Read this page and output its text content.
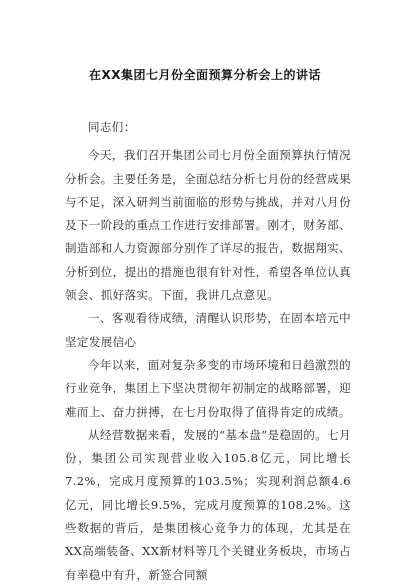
在XX集团七月份全面预算分析会上的讲话

同志们：

今天，我们召开集团公司七月份全面预算执行情况分析会。主要任务是，全面总结分析七月份的经营成果与不足，深入研判当前面临的形势与挑战，并对八月份及下一阶段的重点工作进行安排部署。刚才，财务部、制造部和人力资源部分别作了详尽的报告，数据翔实、分析到位，提出的措施也很有针对性，希望各单位认真领会、抓好落实。下面，我讲几点意见。

一、客观看待成绩，清醒认识形势，在固本培元中坚定发展信心

今年以来，面对复杂多变的市场环境和日趋激烈的行业竞争，集团上下坚决贯彻年初制定的战略部署，迎难而上、奋力拼搏，在七月份取得了值得肯定的成绩。

从经营数据来看，发展的“基本盘”是稳固的。七月份，集团公司实现营业收入105.8亿元，同比增长7.2%，完成月度预算的103.5%；实现利润总额4.6亿元，同比增长9.5%，完成月度预算的108.2%。这些数据的背后，是集团核心竞争力的体现，尤其是在XX高端装备、XX新材料等几个关键业务板块，市场占有率稳中有升，新签合同额
